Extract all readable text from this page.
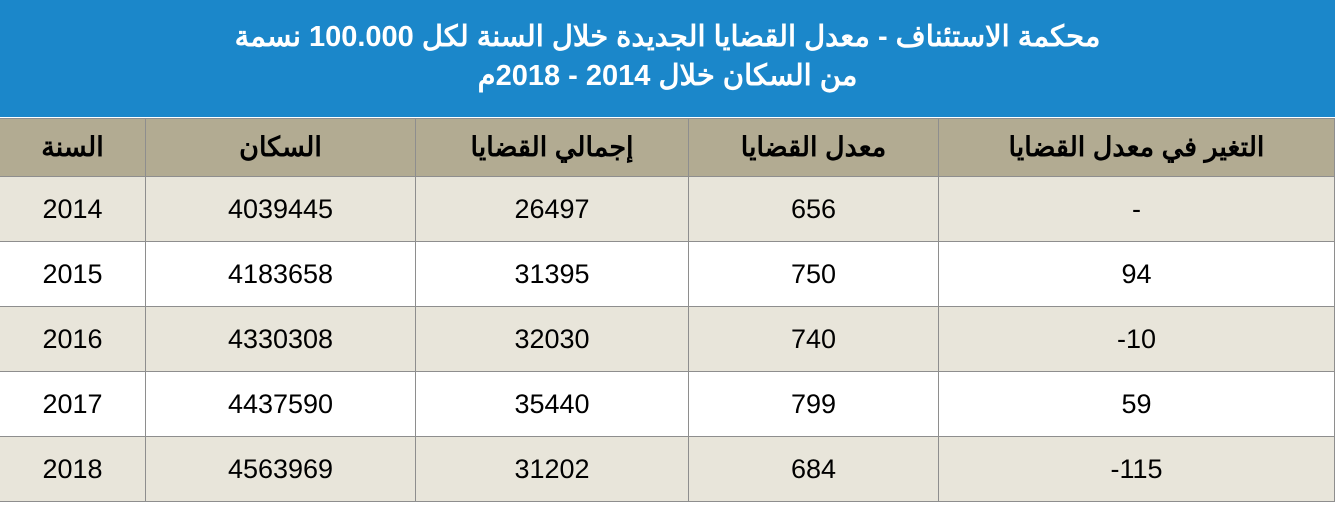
محكمة الاستئناف - معدل القضايا الجديدة خلال السنة لكل 100.000 نسمة
من السكان خلال 2014 - 2018م
التغير في معدل القضايا	معدل القضايا	إجمالي القضايا	السكان	السنة
-	656	26497	4039445	2014
94	750	31395	4183658	2015
10-	740	32030	4330308	2016
59	799	35440	4437590	2017
115-	684	31202	4563969	2018
